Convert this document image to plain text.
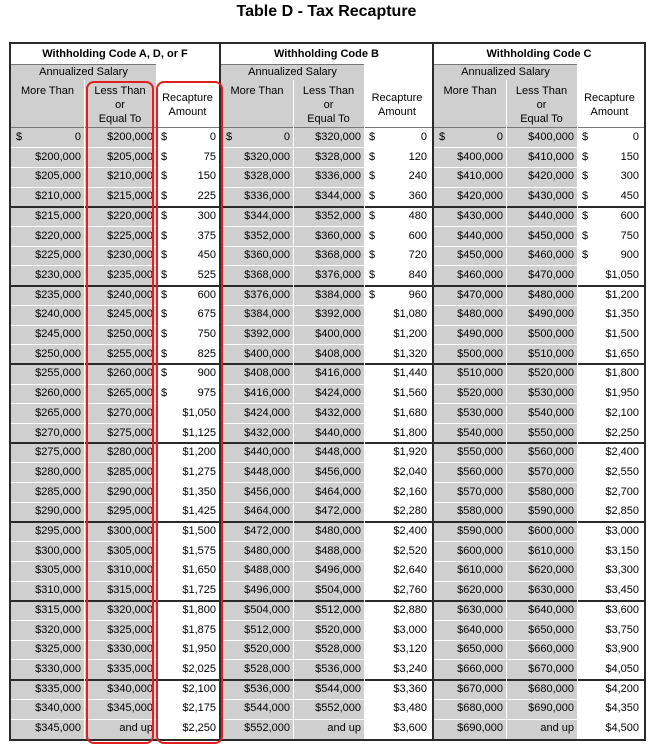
Table D - Tax Recapture
Withholding Code A, D, or F
Annualized Salary
More Than	Less Than
or
Equal To
Recapture
Amount
$	0	$200,000 $	0
$200,000	$205,000 $	75
$205,000	$210,000 $	150
$210,000	$215,000 $	225
$215,000	$220,000 $	300
$220,000	$225,000 $	375
$225,000	$230,000 $	450
$230,000	$235,000 $	525
$235,000	$240,000 $	600
$240,000	$245,000 $	675
$245,000	$250,000 $	750
$250,000	$255,000 $	825
$255,000	$260,000 $	900
$260,000	$265,000 $	975
$265,000	$270,000	$1,050
$270,000	$275,000	$1,125
$275,000	$280,000	$1,200
$280,000	$285,000	$1,275
$285,000	$290,000	$1,350
$290,000	$295,000	$1,425
$295,000	$300,000	$1,500
$300,000	$305,000	$1,575
$305,000	$310,000	$1,650
$310,000	$315,000	$1,725
$315,000	$320,000	$1,800
$320,000	$325,000	$1,875
$325,000	$330,000	$1,950
$330,000	$335,000	$2,025
$335,000	$340,000	$2,100
$340,000	$345,000	$2,175
$345,000	and up	$2,250
Withholding Code B
Annualized Salary
More Than	Less Than
or
Equal To
Recapture
Amount
$	0	$320,000 $	0
$320,000	$328,000 $	120
$328,000	$336,000 $	240
$336,000	$344,000 $	360
$344,000	$352,000 $	480
$352,000	$360,000 $	600
$360,000	$368,000 $	720
$368,000	$376,000 $	840
$376,000	$384,000 $	960
$384,000	$392,000	$1,080
$392,000	$400,000	$1,200
$400,000	$408,000	$1,320
$408,000	$416,000	$1,440
$416,000	$424,000	$1,560
$424,000	$432,000	$1,680
$432,000	$440,000	$1,800
$440,000	$448,000	$1,920
$448,000	$456,000	$2,040
$456,000	$464,000	$2,160
$464,000	$472,000	$2,280
$472,000	$480,000	$2,400
$480,000	$488,000	$2,520
$488,000	$496,000	$2,640
$496,000	$504,000	$2,760
$504,000	$512,000	$2,880
$512,000	$520,000	$3,000
$520,000	$528,000	$3,120
$528,000	$536,000	$3,240
$536,000	$544,000	$3,360
$544,000	$552,000	$3,480
$552,000	and up	$3,600
Withholding Code C
Annualized Salary
More Than	Less Than
or
Equal To
Recapture
Amount
$	0	$400,000 $	0
$400,000	$410,000 $	150
$410,000	$420,000 $	300
$420,000	$430,000 $	450
$430,000	$440,000 $	600
$440,000	$450,000 $	750
$450,000	$460,000 $	900
$460,000	$470,000	$1,050
$470,000	$480,000	$1,200
$480,000	$490,000	$1,350
$490,000	$500,000	$1,500
$500,000	$510,000	$1,650
$510,000	$520,000	$1,800
$520,000	$530,000	$1,950
$530,000	$540,000	$2,100
$540,000	$550,000	$2,250
$550,000	$560,000	$2,400
$560,000	$570,000	$2,550
$570,000	$580,000	$2,700
$580,000	$590,000	$2,850
$590,000	$600,000	$3,000
$600,000	$610,000	$3,150
$610,000	$620,000	$3,300
$620,000	$630,000	$3,450
$630,000	$640,000	$3,600
$640,000	$650,000	$3,750
$650,000	$660,000	$3,900
$660,000	$670,000	$4,050
$670,000	$680,000	$4,200
$680,000	$690,000	$4,350
$690,000	and up	$4,500
